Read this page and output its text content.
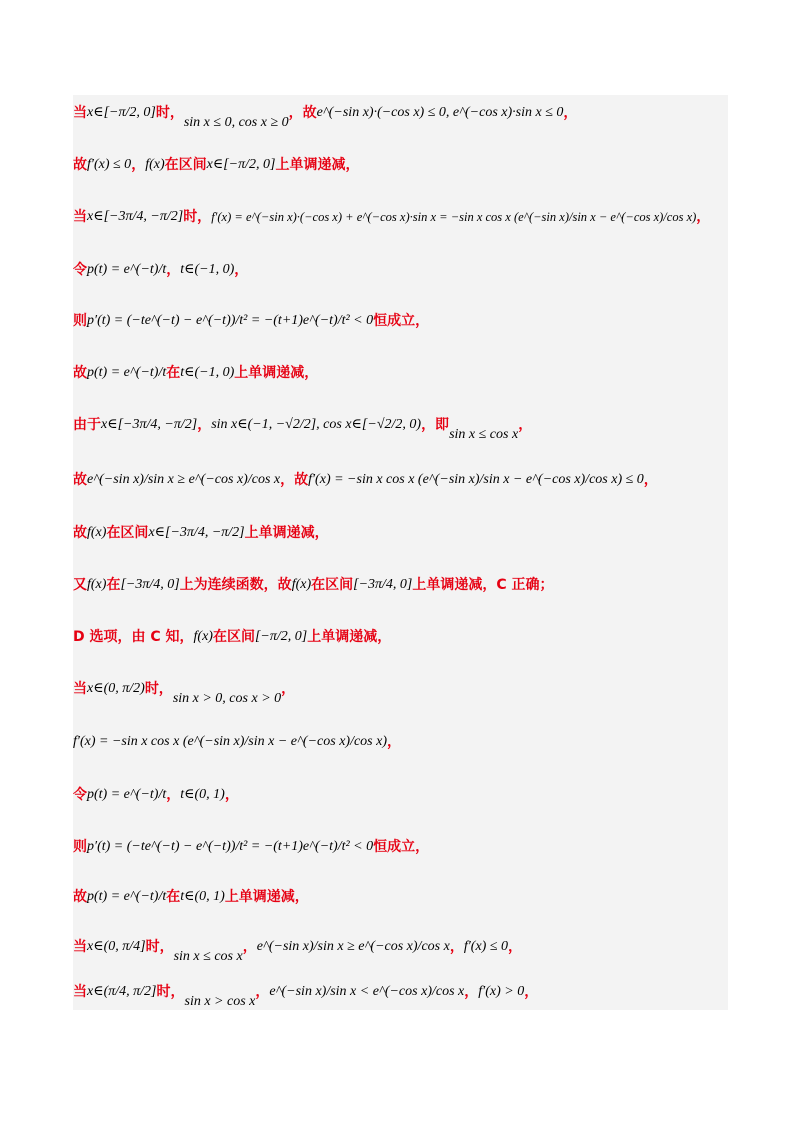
当 x∈[−π/2, 0] 时，
sin x ≤ 0, cos x ≥ 0
，故 e^(−sin x)·(−cos x) ≤ 0, e^(−cos x)·sin x ≤ 0 ，
故 f′(x) ≤ 0 ， f(x) 在区间 x∈[−π/2, 0] 上单调递减，
当 x∈[−3π/4, −π/2] 时， f′(x) = e^(−sin x)·(−cos x) + e^(−cos x)·sin x = −sin x cos x (e^(−sin x)/sin x − e^(−cos x)/cos x) ，
令 p(t) = e^(−t)/t ， t∈(−1, 0) ，
则 p′(t) = (−te^(−t) − e^(−t))/t² = −(t+1)e^(−t)/t² < 0 恒成立，
故 p(t) = e^(−t)/t 在 t∈(−1, 0) 上单调递减，
由于 x∈[−3π/4, −π/2] ， sin x∈(−1, −√2/2], cos x∈[−√2/2, 0) ，即
sin x ≤ cos x
，
故 e^(−sin x)/sin x ≥ e^(−cos x)/cos x ，故 f′(x) = −sin x cos x (e^(−sin x)/sin x − e^(−cos x)/cos x) ≤ 0 ，
故 f(x) 在区间 x∈[−3π/4, −π/2] 上单调递减，
又 f(x) 在 [−3π/4, 0] 上为连续函数，故 f(x) 在区间 [−3π/4, 0] 上单调递减，C 正确；
D 选项，由 C 知， f(x) 在区间 [−π/2, 0] 上单调递减，
当 x∈(0, π/2) 时，
sin x > 0, cos x > 0
，
f′(x) = −sin x cos x (e^(−sin x)/sin x − e^(−cos x)/cos x) ，
令 p(t) = e^(−t)/t ， t∈(0, 1) ，
则 p′(t) = (−te^(−t) − e^(−t))/t² = −(t+1)e^(−t)/t² < 0 恒成立，
故 p(t) = e^(−t)/t 在 t∈(0, 1) 上单调递减，
当 x∈(0, π/4] 时，
sin x ≤ cos x
， e^(−sin x)/sin x ≥ e^(−cos x)/cos x ， f′(x) ≤ 0 ，
当 x∈(π/4, π/2] 时，
sin x > cos x
， e^(−sin x)/sin x < e^(−cos x)/cos x ， f′(x) > 0 ，
